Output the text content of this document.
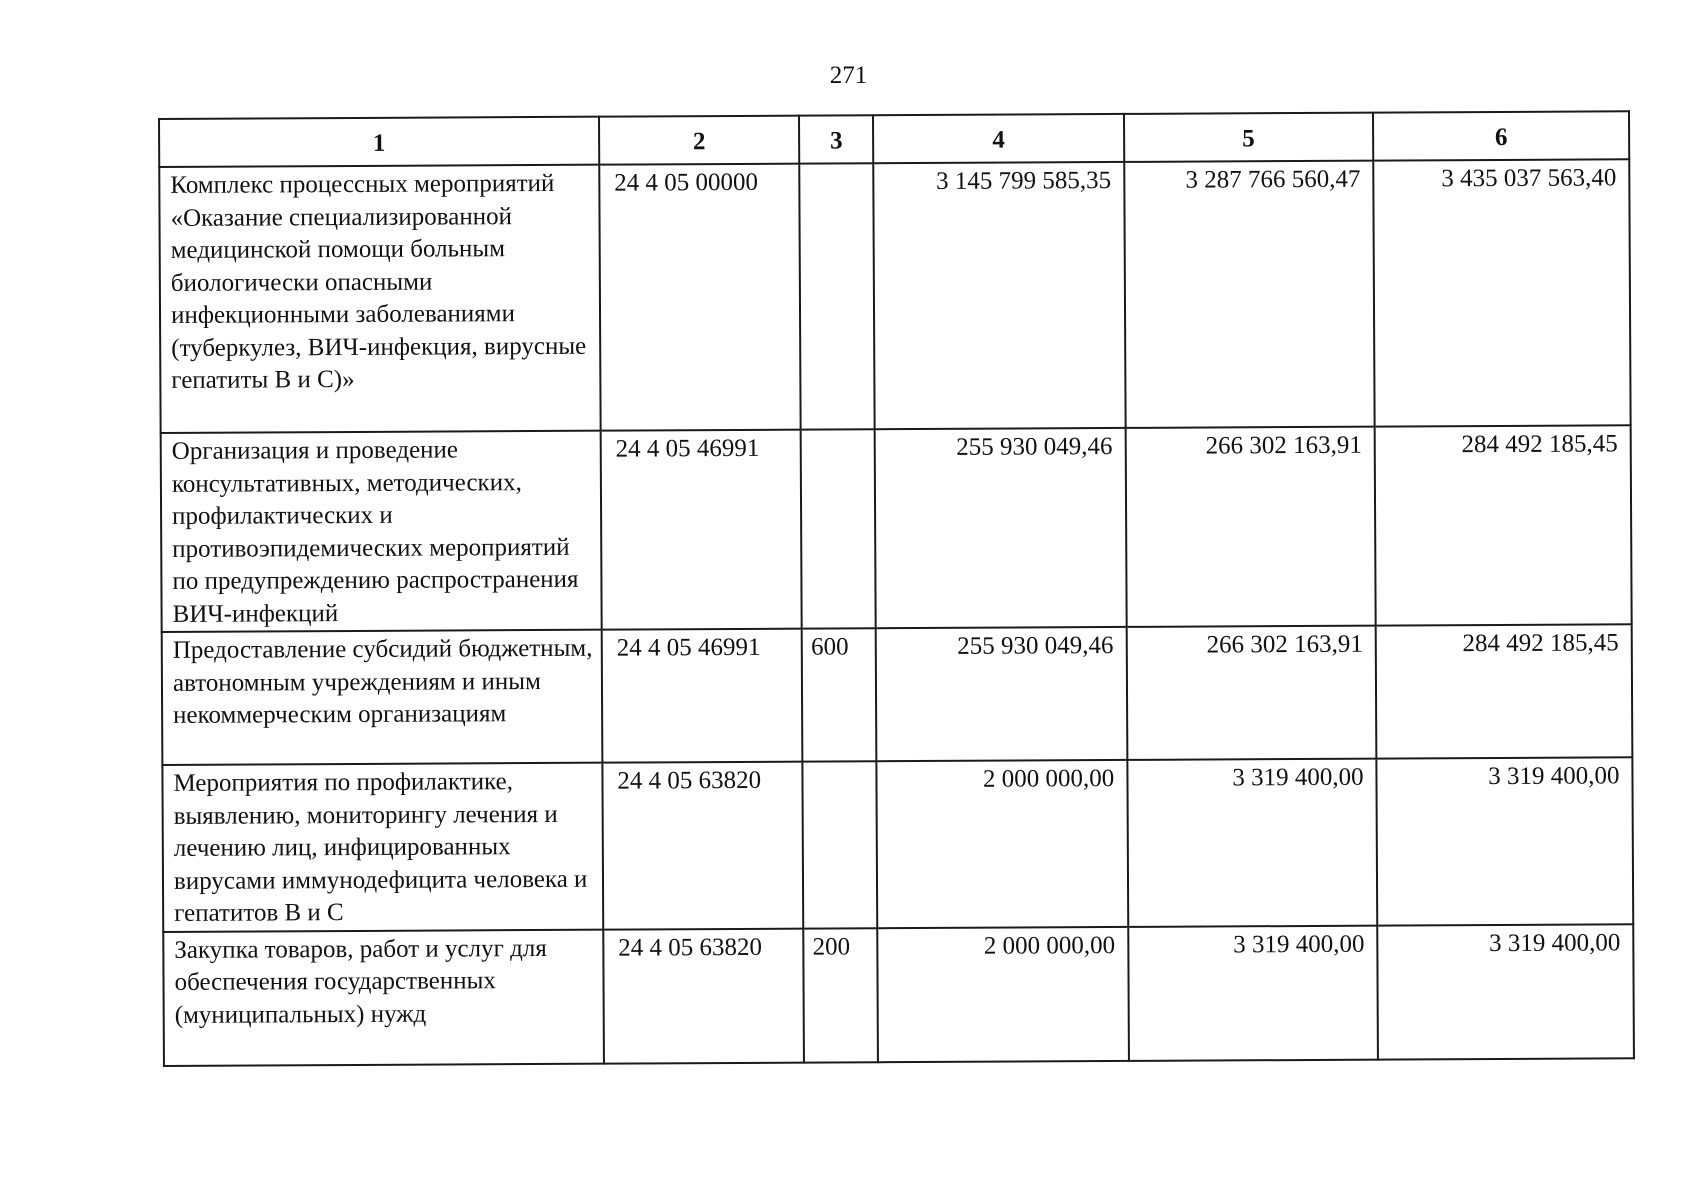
271
1	2	3	4	5	6
Комплекс процессных мероприятий «Оказание специализированной медицинской помощи больным биологически опасными инфекционными заболеваниями (туберкулез, ВИЧ-инфекция, вирусные гепатиты В и С)»	24 4 05 00000		3 145 799 585,35	3 287 766 560,47	3 435 037 563,40
Организация и проведение консультативных, методических, профилактических и противоэпидемических мероприятий по предупреждению распространения ВИЧ-инфекций	24 4 05 46991		255 930 049,46	266 302 163,91	284 492 185,45
Предоставление субсидий бюджетным, автономным учреждениям и иным некоммерческим организациям	24 4 05 46991	600	255 930 049,46	266 302 163,91	284 492 185,45
Мероприятия по профилактике, выявлению, мониторингу лечения и лечению лиц, инфицированных вирусами иммунодефицита человека и гепатитов В и С	24 4 05 63820		2 000 000,00	3 319 400,00	3 319 400,00
Закупка товаров, работ и услуг для обеспечения государственных (муниципальных) нужд	24 4 05 63820	200	2 000 000,00	3 319 400,00	3 319 400,00
